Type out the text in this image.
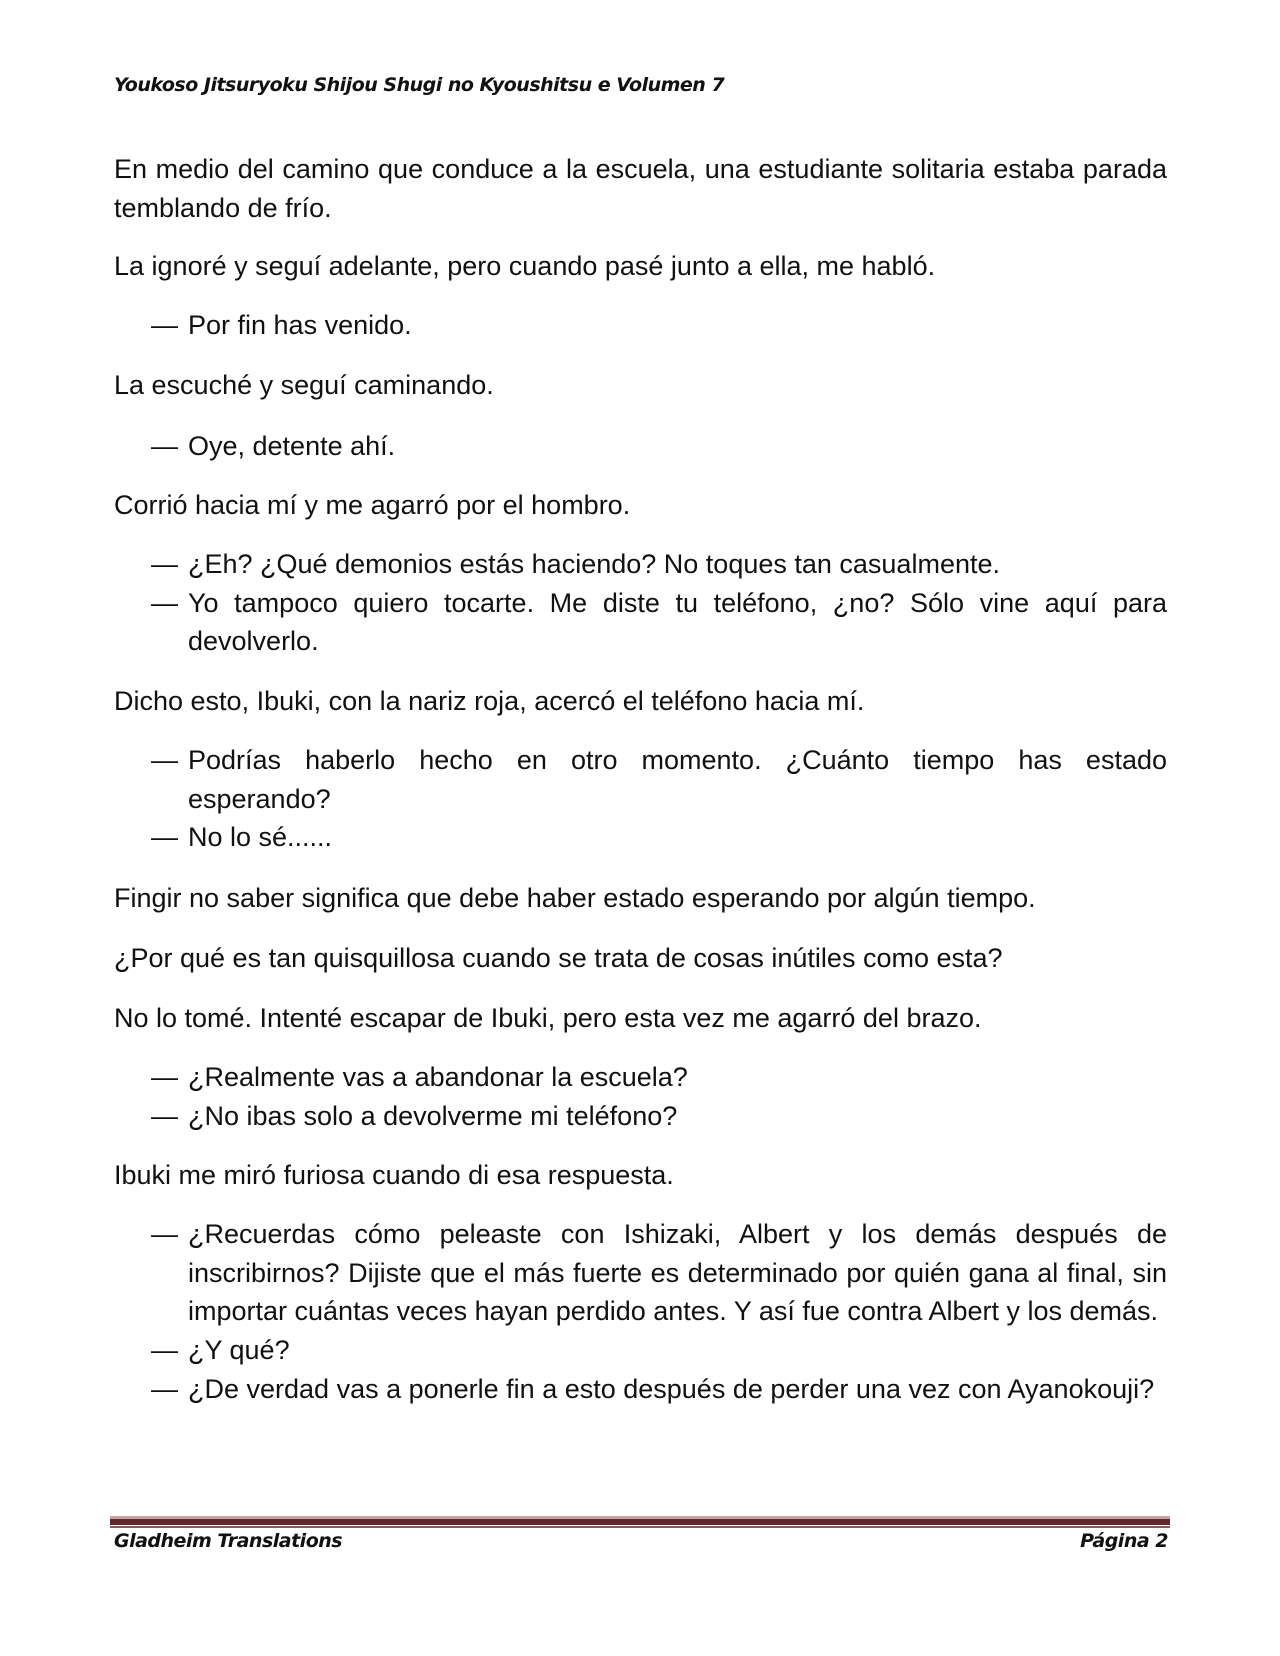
Youkoso Jitsuryoku Shijou Shugi no Kyoushitsu e Volumen 7
En medio del camino que conduce a la escuela, una estudiante solitaria estaba parada temblando de frío.
La ignoré y seguí adelante, pero cuando pasé junto a ella, me habló.
— Por fin has venido.
La escuché y seguí caminando.
— Oye, detente ahí.
Corrió hacia mí y me agarró por el hombro.
— ¿Eh? ¿Qué demonios estás haciendo? No toques tan casualmente.
— Yo tampoco quiero tocarte. Me diste tu teléfono, ¿no? Sólo vine aquí para devolverlo.
Dicho esto, Ibuki, con la nariz roja, acercó el teléfono hacia mí.
— Podrías haberlo hecho en otro momento. ¿Cuánto tiempo has estado esperando?
— No lo sé......
Fingir no saber significa que debe haber estado esperando por algún tiempo.
¿Por qué es tan quisquillosa cuando se trata de cosas inútiles como esta?
No lo tomé. Intenté escapar de Ibuki, pero esta vez me agarró del brazo.
— ¿Realmente vas a abandonar la escuela?
— ¿No ibas solo a devolverme mi teléfono?
Ibuki me miró furiosa cuando di esa respuesta.
— ¿Recuerdas cómo peleaste con Ishizaki, Albert y los demás después de inscribirnos? Dijiste que el más fuerte es determinado por quién gana al final, sin importar cuántas veces hayan perdido antes. Y así fue contra Albert y los demás.
— ¿Y qué?
— ¿De verdad vas a ponerle fin a esto después de perder una vez con Ayanokouji?
Gladheim Translations	Página 2
